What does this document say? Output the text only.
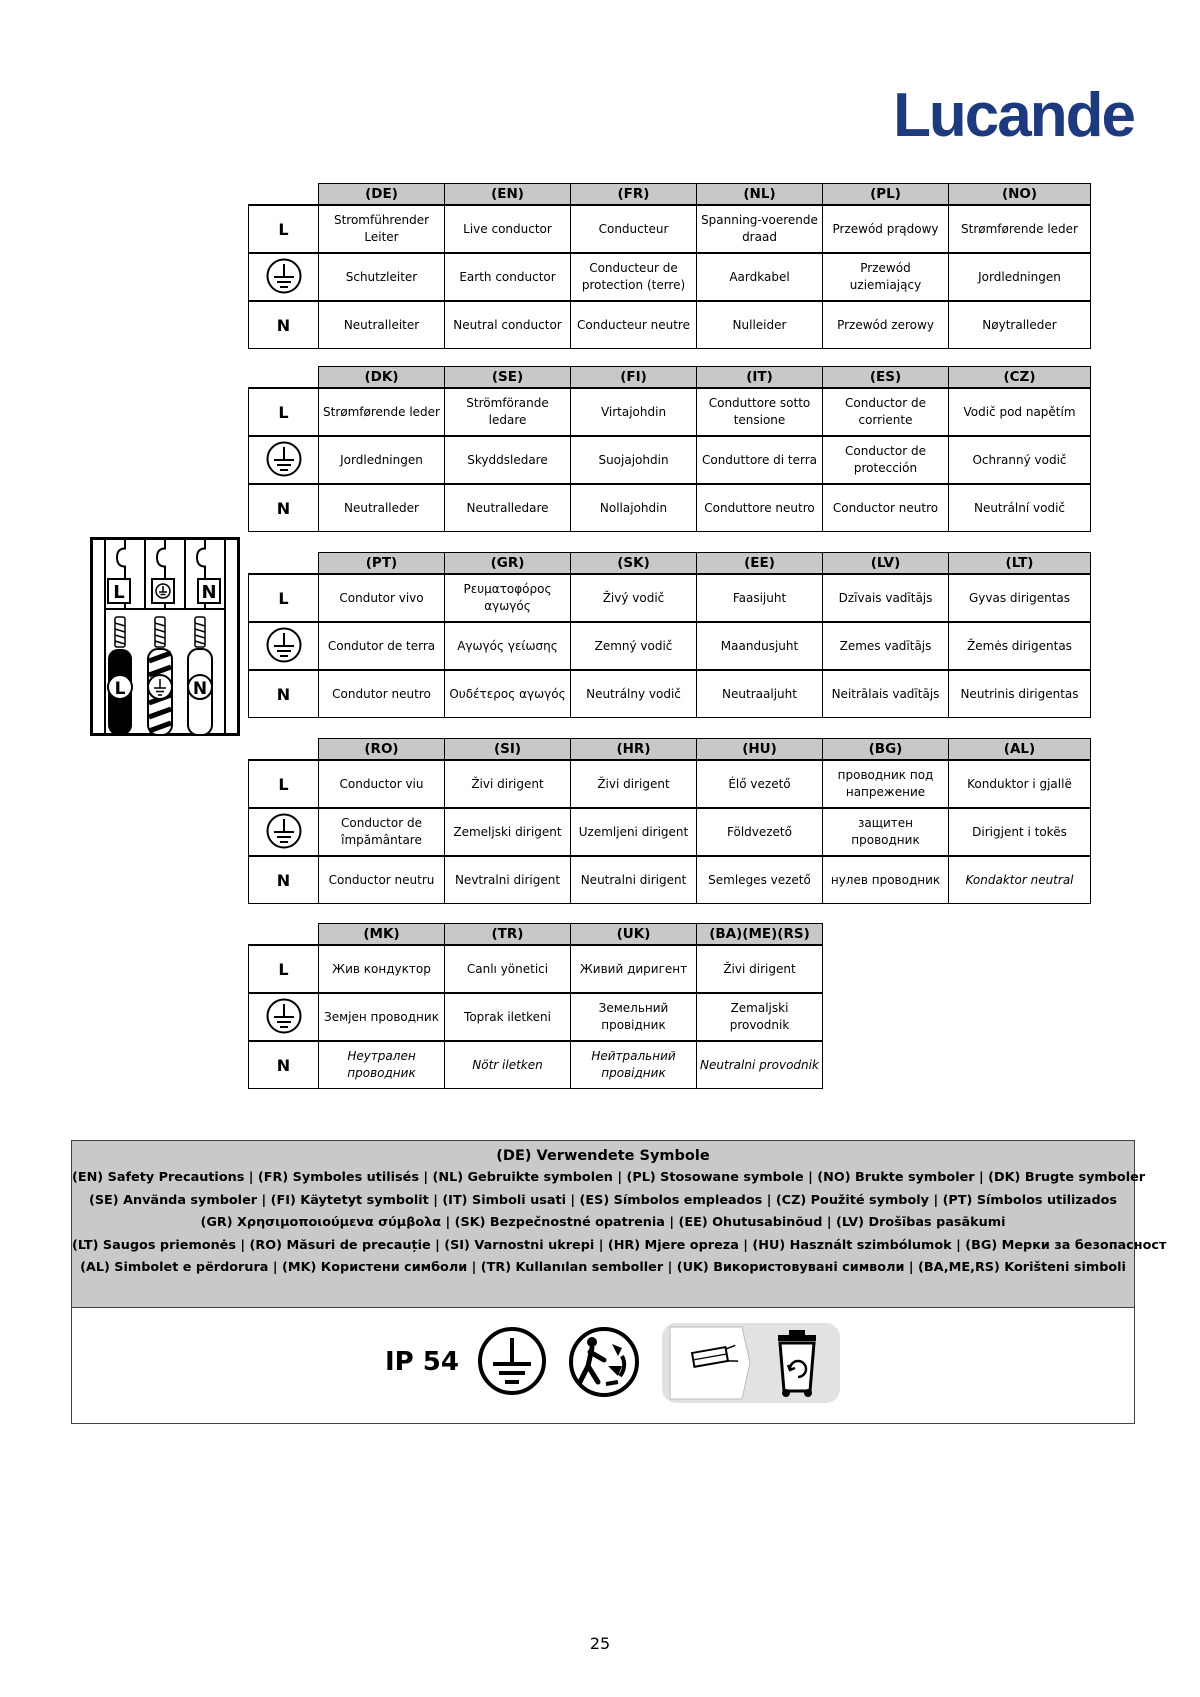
Lucande
	(DE)	(EN)	(FR)	(NL)	(PL)	(NO)
L	Stromführender Leiter	Live conductor	Conducteur	Spanning-voerende draad	Przewód prądowy	Strømførende leder
	Schutzleiter	Earth conductor	Conducteur de protection (terre)	Aardkabel	Przewód uziemiający	Jordledningen
N	Neutralleiter	Neutral conductor	Conducteur neutre	Nulleider	Przewód zerowy	Nøytralleder
	(DK)	(SE)	(FI)	(IT)	(ES)	(CZ)
L	Strømførende leder	Strömförande ledare	Virtajohdin	Conduttore sotto tensione	Conductor de corriente	Vodič pod napětím
	Jordledningen	Skyddsledare	Suojajohdin	Conduttore di terra	Conductor de protección	Ochranný vodič
N	Neutralleder	Neutralledare	Nollajohdin	Conduttore neutro	Conductor neutro	Neutrální vodič
	(PT)	(GR)	(SK)	(EE)	(LV)	(LT)
L	Condutor vivo	Ρευματοφόρος αγωγός	Živý vodič	Faasijuht	Dzīvais vadītājs	Gyvas dirigentas
	Condutor de terra	Αγωγός γείωσης	Zemný vodič	Maandusjuht	Zemes vadītājs	Žemės dirigentas
N	Condutor neutro	Ουδέτερος αγωγός	Neutrálny vodič	Neutraaljuht	Neitrālais vadītājs	Neutrinis dirigentas
	(RO)	(SI)	(HR)	(HU)	(BG)	(AL)
L	Conductor viu	Živi dirigent	Živi dirigent	Élő vezető	проводник под напрежение	Konduktor i gjallë
	Conductor de împământare	Zemeljski dirigent	Uzemljeni dirigent	Földvezető	защитен проводник	Dirigjent i tokës
N	Conductor neutru	Nevtralni dirigent	Neutralni dirigent	Semleges vezető	нулев проводник	Kondaktor neutral
	(MK)	(TR)	(UK)	(BA)(ME)(RS)
L	Жив кондуктор	Canlı yönetici	Живий диригент	Živi dirigent
	Земјен проводник	Toprak iletkeni	Земельний провідник	Zemaljski provodnik
N	Неутрален проводник	Nötr iletken	Нейтральний провідник	Neutralni provodnik
L	N
L	N
(DE) Verwendete Symbole
(EN) Safety Precautions | (FR) Symboles utilisés | (NL) Gebruikte symbolen | (PL) Stosowane symbole | (NO) Brukte symboler | (DK) Brugte symboler
(SE) Använda symboler | (FI) Käytetyt symbolit | (IT) Simboli usati | (ES) Símbolos empleados | (CZ) Použité symboly | (PT) Símbolos utilizados
(GR) Χρησιμοποιούμενα σύμβολα | (SK) Bezpečnostné opatrenia | (EE) Ohutusabinõud | (LV) Drošības pasākumi
(LT) Saugos priemonės | (RO) Măsuri de precauție | (SI) Varnostni ukrepi | (HR) Mjere opreza | (HU) Használt szimbólumok | (BG) Мерки за безопасност
(AL) Simbolet e përdorura | (MK) Користени симболи | (TR) Kullanılan semboller | (UK) Використовувані символи | (BA,ME,RS) Korišteni simboli
IP 54
25
